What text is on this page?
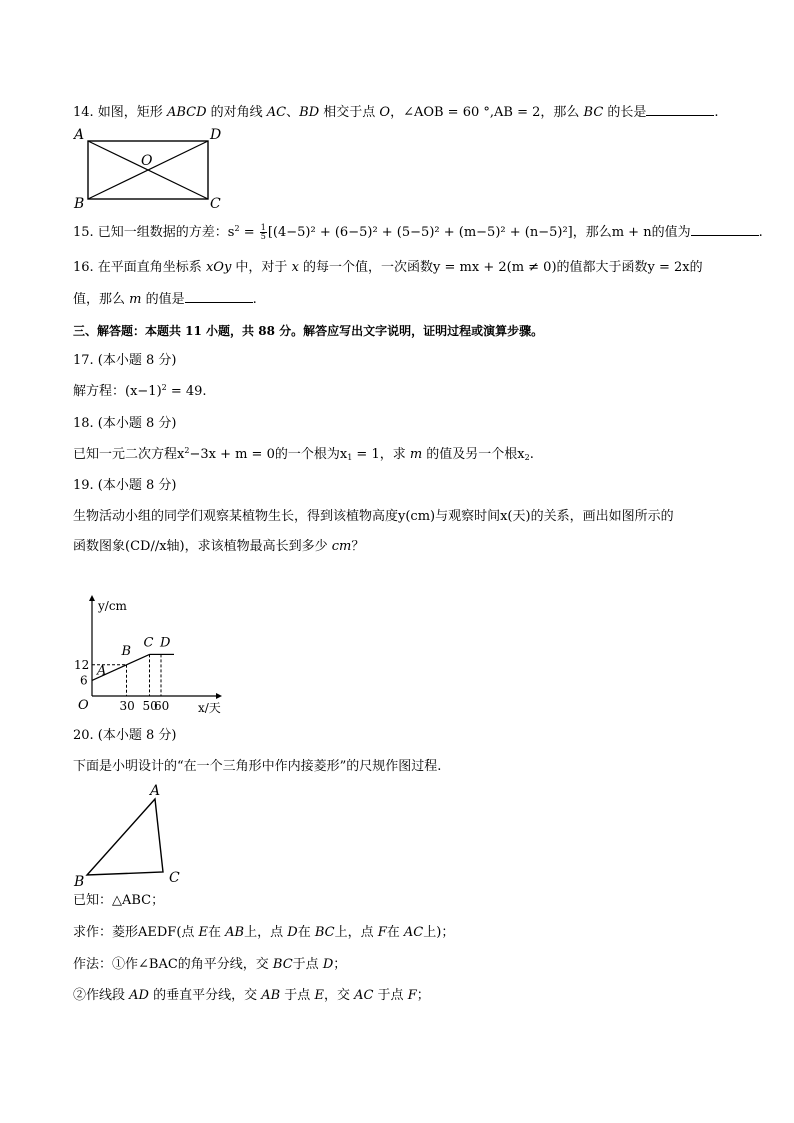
14. 如图，矩形 ABCD 的对角线 AC、BD 相交于点 O，∠AOB = 60 °,AB = 2，那么 BC 的长是	.
A	D
O
B	C
15. 已知一组数据的方差：$s^2 = \frac{1}{5} [(4-5)^2 + (6-5)^2 + (5-5)^2 + (m-5)^2 + (n-5)^2]$，那么m + n的值为	.
16. 在平面直角坐标系 xOy 中，对于 x 的每一个值，一次函数y = mx + 2(m ≠ 0)的值都大于函数y = 2x的
值，那么 m 的值是	.
三、解答题：本题共 11 小题，共 88 分。解答应写出文字说明，证明过程或演算步骤。
17. (本小题 8 分)
解方程：$(x-1)^2 = 49$.
18. (本小题 8 分)
已知一元二次方程$x^2-3x + m = 0$的一个根为$x_1 = 1$，求 m 的值及另一个根$x_2$.
19. (本小题 8 分)
生物活动小组的同学们观察某植物生长，得到该植物高度y(cm)与观察时间x(天)的关系，画出如图所示的
函数图象(CD//x轴)，求该植物最高长到多少 cm？
y/cm
x/天
O
A
B
C D
30 50
60
6
12
20. (本小题 8 分)
下面是小明设计的“在一个三角形中作内接菱形”的尺规作图过程.
A
B	C
已知：△ABC；
求作：菱形AEDF(点 E在 AB上，点 D在 BC上，点 F在 AC上)；
作法：①作∠BAC的角平分线，交 BC于点 D；
②作线段 AD 的垂直平分线，交 AB 于点 E，交 AC 于点 F；
